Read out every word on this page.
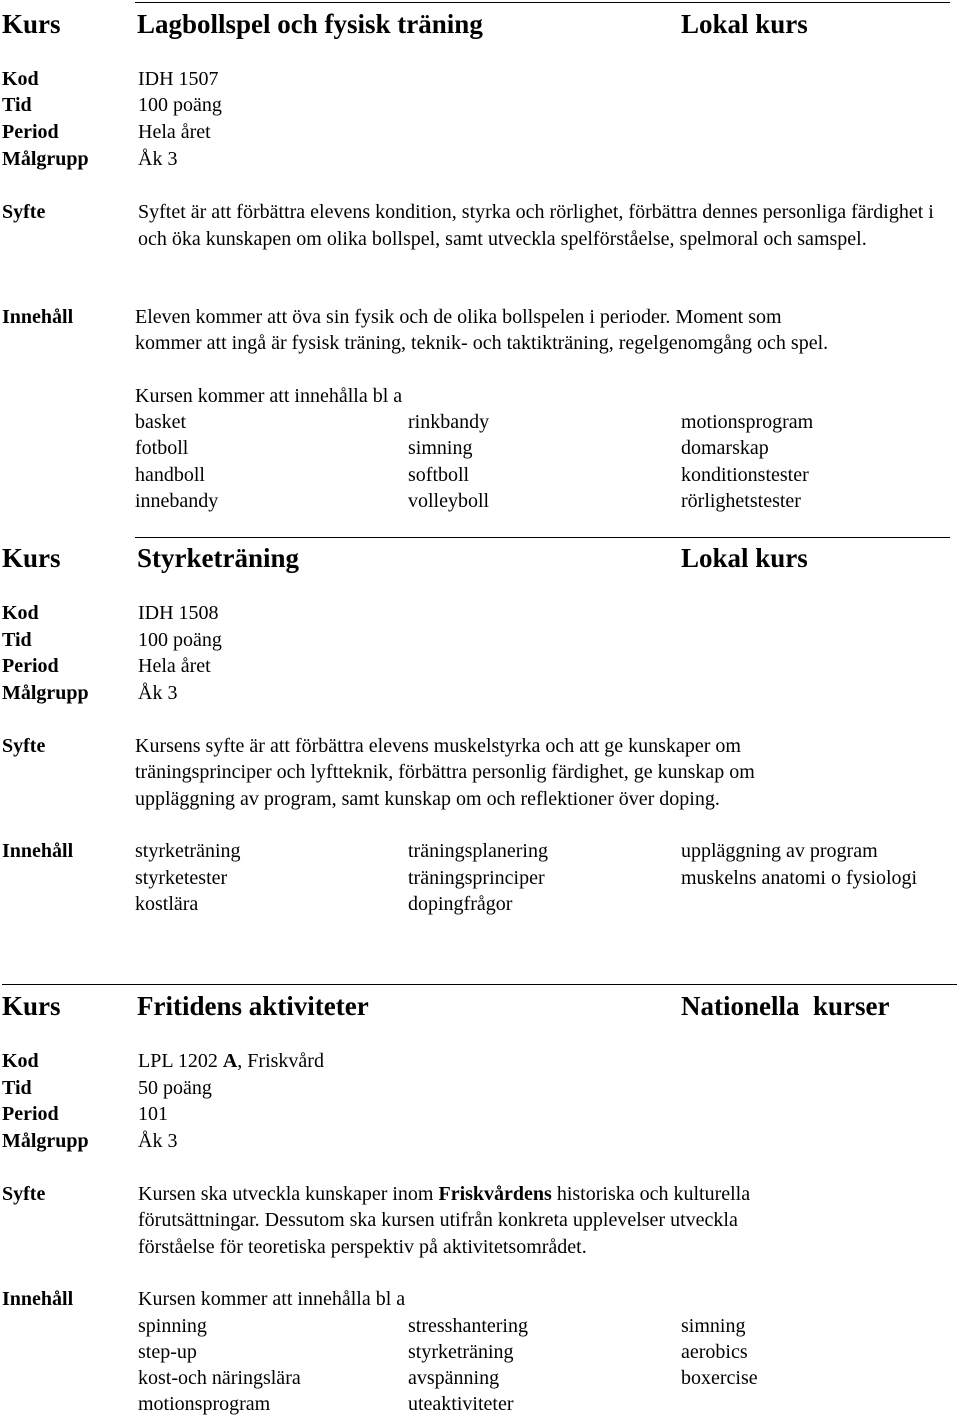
Kurs	Lagbollspel och fysisk träning	Lokal kurs
Kod	IDH 1507
Tid	100 poäng
Period	Hela året
Målgrupp Åk 3
Syfte	Syftet är att förbättra elevens kondition, styrka och rörlighet, förbättra dennes personliga färdighet i och öka kunskapen om olika bollspel, samt utveckla spelförståelse, spelmoral och samspel.
Innehåll	Eleven kommer att öva sin fysik och de olika bollspelen i perioder. Moment som
kommer att ingå är fysisk träning, teknik- och taktikträning, regelgenomgång och spel.
Kursen kommer att innehålla bl a
basket	rinkbandy	motionsprogram
fotboll	simning	domarskap
handboll	softboll	konditionstester
innebandy	volleyboll	rörlighetstester
Kurs	Styrketräning	Lokal kurs
Kod	IDH 1508
Tid	100 poäng
Period	Hela året
Målgrupp Åk 3
Syfte	Kursens syfte är att förbättra elevens muskelstyrka och att ge kunskaper om
träningsprinciper och lyftteknik, förbättra personlig färdighet, ge kunskap om
uppläggning av program, samt kunskap om och reflektioner över doping.
Innehåll	styrketräning	träningsplanering	uppläggning av program
styrketester	träningsprinciper	muskelns anatomi o fysiologi
kostlära	dopingfrågor
Kurs	Fritidens aktiviteter	Nationella  kurser
Kod	LPL 1202 A, Friskvård
Tid	50 poäng
Period	101
Målgrupp Åk 3
Syfte	Kursen ska utveckla kunskaper inom Friskvårdens historiska och kulturella
förutsättningar. Dessutom ska kursen utifrån konkreta upplevelser utveckla
förståelse för teoretiska perspektiv på aktivitetsområdet.
Innehåll	Kursen kommer att innehålla bl a
spinning	stresshantering	simning
step-up	styrketräning	aerobics
kost-och näringslära	avspänning	boxercise
motionsprogram	uteaktiviteter
